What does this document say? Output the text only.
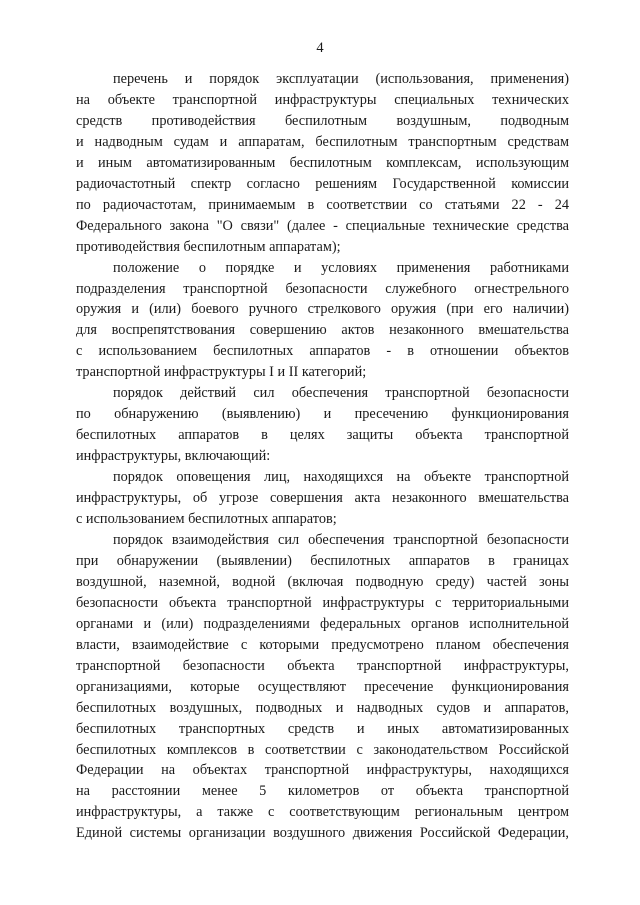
4
перечень и порядок эксплуатации (использования, применения)
на объекте транспортной инфраструктуры специальных технических
средств противодействия беспилотным воздушным, подводным
и надводным судам и аппаратам, беспилотным транспортным средствам
и иным автоматизированным беспилотным комплексам, использующим
радиочастотный спектр согласно решениям Государственной комиссии
по радиочастотам, принимаемым в соответствии со статьями 22 - 24
Федерального закона "О связи" (далее - специальные технические средства
противодействия беспилотным аппаратам);
положение о порядке и условиях применения работниками
подразделения транспортной безопасности служебного огнестрельного
оружия и (или) боевого ручного стрелкового оружия (при его наличии)
для воспрепятствования совершению актов незаконного вмешательства
с использованием беспилотных аппаратов - в отношении объектов
транспортной инфраструктуры I и II категорий;
порядок действий сил обеспечения транспортной безопасности
по обнаружению (выявлению) и пресечению функционирования
беспилотных аппаратов в целях защиты объекта транспортной
инфраструктуры, включающий:
порядок оповещения лиц, находящихся на объекте транспортной
инфраструктуры, об угрозе совершения акта незаконного вмешательства
с использованием беспилотных аппаратов;
порядок взаимодействия сил обеспечения транспортной безопасности
при обнаружении (выявлении) беспилотных аппаратов в границах
воздушной, наземной, водной (включая подводную среду) частей зоны
безопасности объекта транспортной инфраструктуры с территориальными
органами и (или) подразделениями федеральных органов исполнительной
власти, взаимодействие с которыми предусмотрено планом обеспечения
транспортной безопасности объекта транспортной инфраструктуры,
организациями, которые осуществляют пресечение функционирования
беспилотных воздушных, подводных и надводных судов и аппаратов,
беспилотных транспортных средств и иных автоматизированных
беспилотных комплексов в соответствии с законодательством Российской
Федерации на объектах транспортной инфраструктуры, находящихся
на расстоянии менее 5 километров от объекта транспортной
инфраструктуры, а также с соответствующим региональным центром
Единой системы организации воздушного движения Российской Федерации,
